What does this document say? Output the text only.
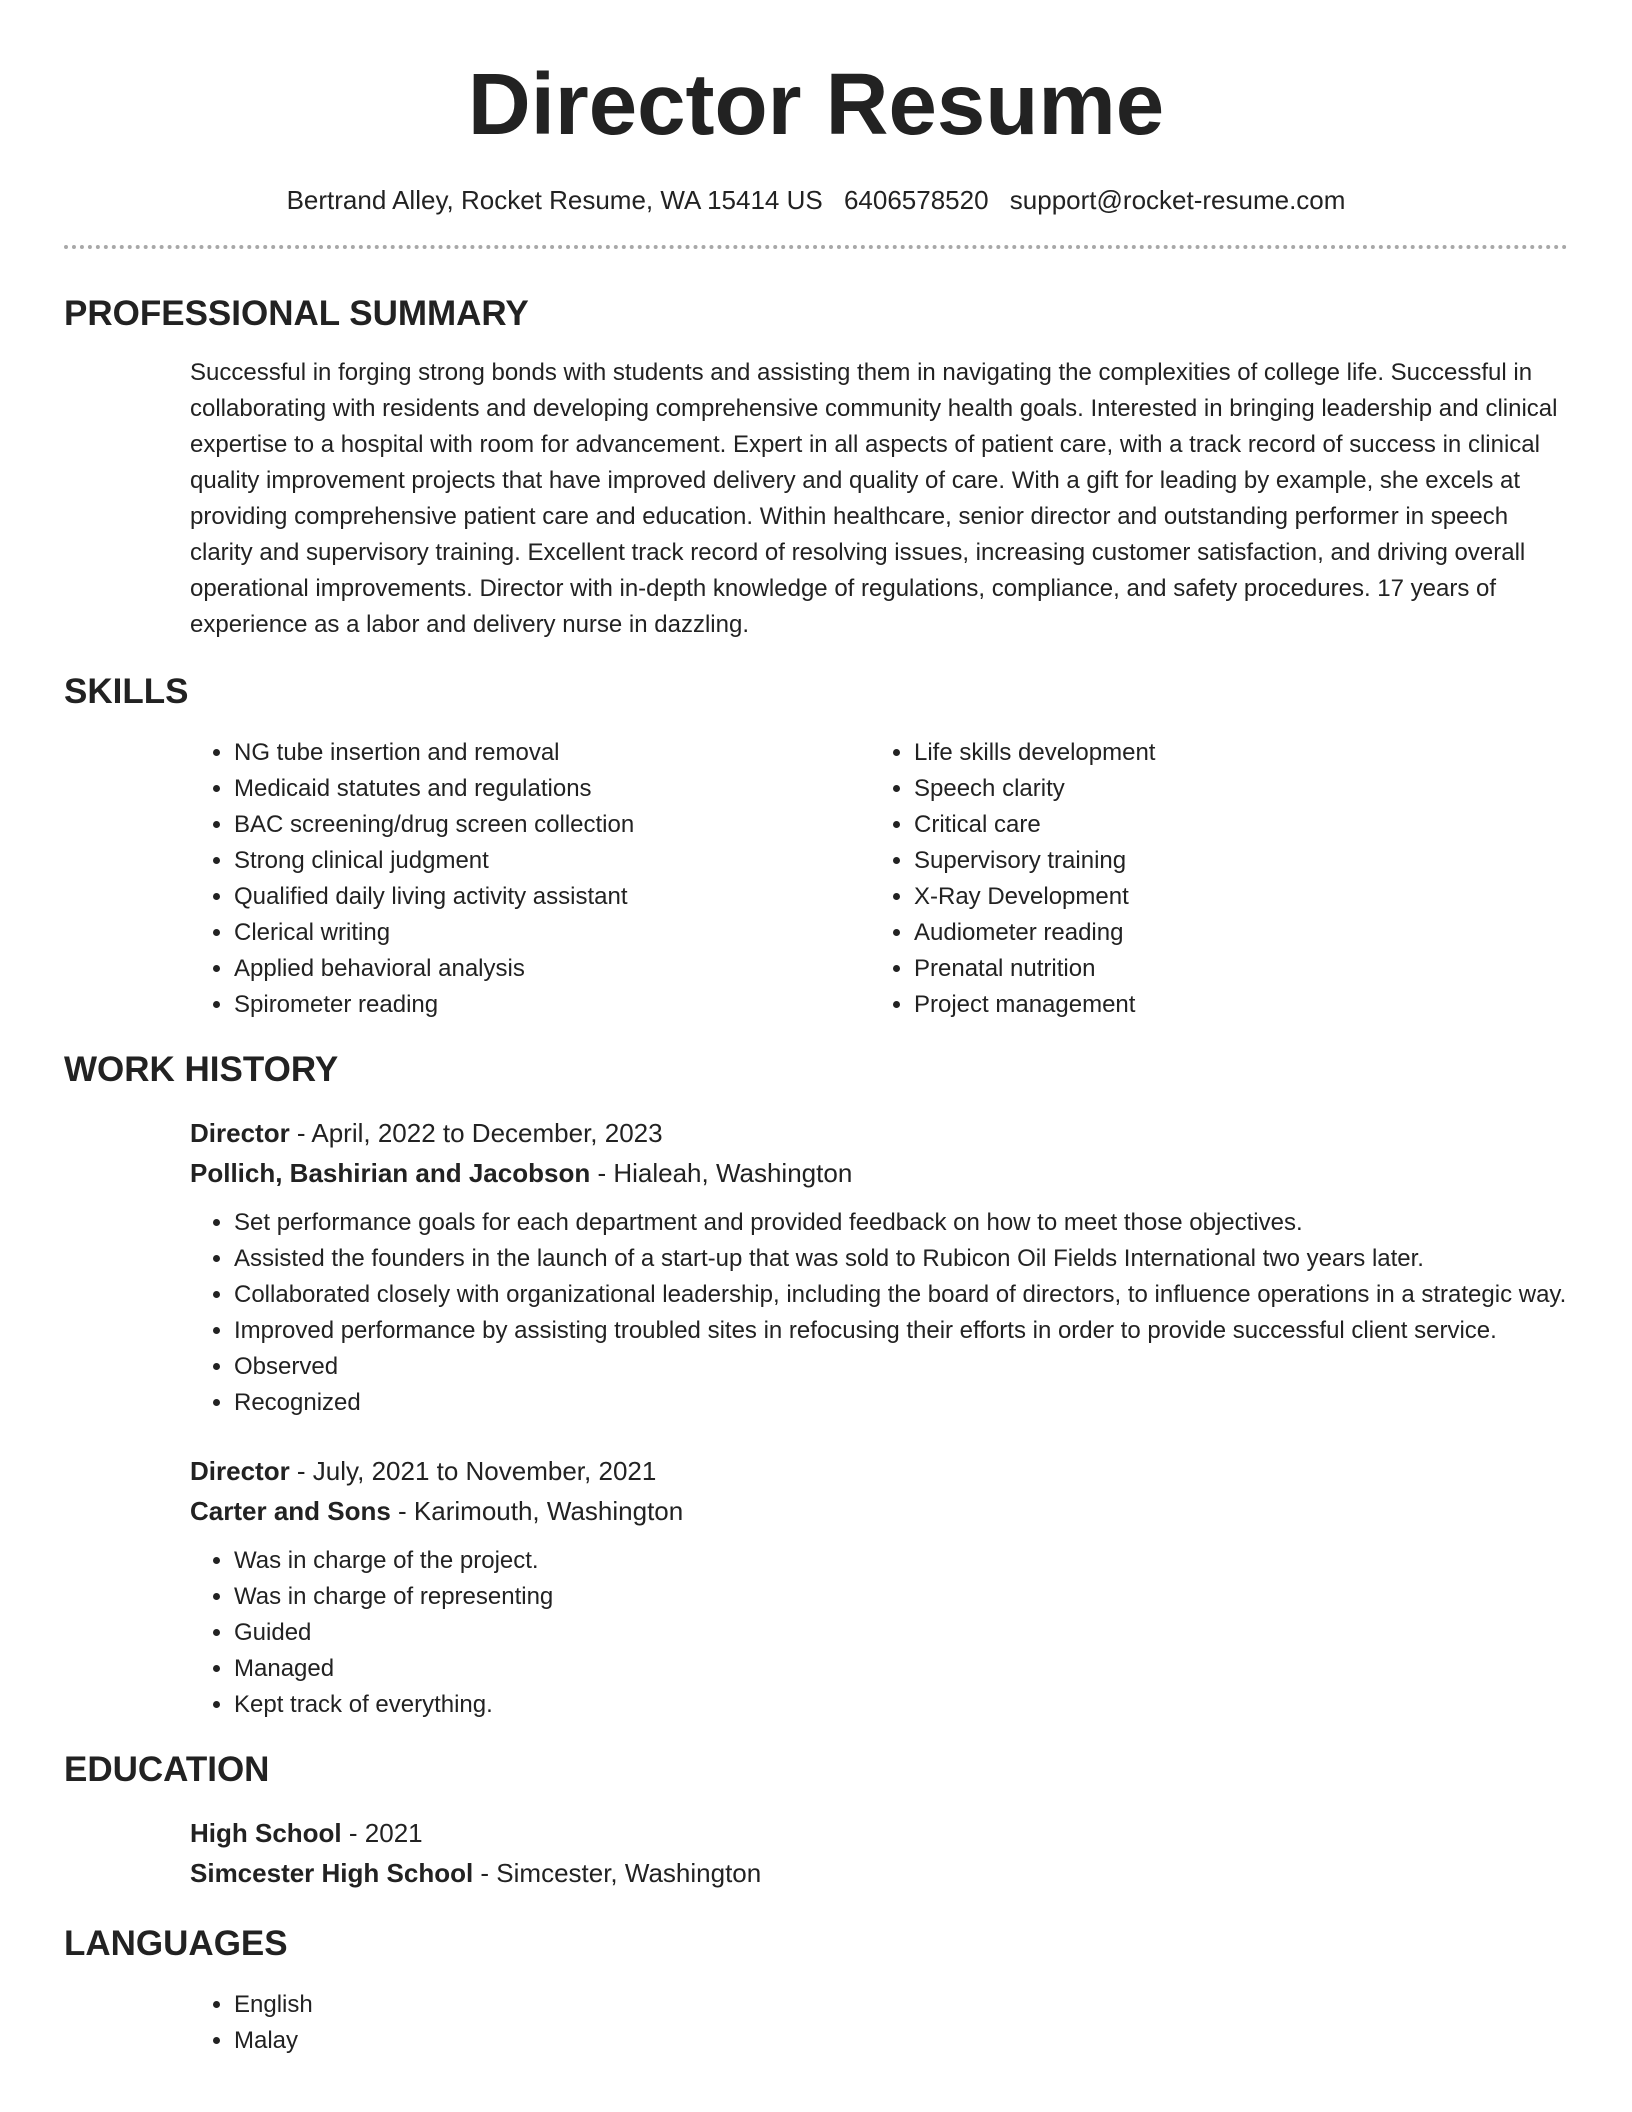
Director Resume
Bertrand Alley, Rocket Resume, WA 15414 US 6406578520 support@rocket-resume.com
PROFESSIONAL SUMMARY
Successful in forging strong bonds with students and assisting them in navigating the complexities of college life. Successful in collaborating with residents and developing comprehensive community health goals. Interested in bringing leadership and clinical expertise to a hospital with room for advancement. Expert in all aspects of patient care, with a track record of success in clinical quality improvement projects that have improved delivery and quality of care. With a gift for leading by example, she excels at providing comprehensive patient care and education. Within healthcare, senior director and outstanding performer in speech clarity and supervisory training. Excellent track record of resolving issues, increasing customer satisfaction, and driving overall operational improvements. Director with in-depth knowledge of regulations, compliance, and safety procedures. 17 years of experience as a labor and delivery nurse in dazzling.
SKILLS
• NG tube insertion and removal
• Medicaid statutes and regulations
• BAC screening/drug screen collection
• Strong clinical judgment
• Qualified daily living activity assistant
• Clerical writing
• Applied behavioral analysis
• Spirometer reading
• Life skills development
• Speech clarity
• Critical care
• Supervisory training
• X-Ray Development
• Audiometer reading
• Prenatal nutrition
• Project management
WORK HISTORY
Director - April, 2022 to December, 2023
Pollich, Bashirian and Jacobson - Hialeah, Washington
• Set performance goals for each department and provided feedback on how to meet those objectives.
• Assisted the founders in the launch of a start-up that was sold to Rubicon Oil Fields International two years later.
• Collaborated closely with organizational leadership, including the board of directors, to influence operations in a strategic way.
• Improved performance by assisting troubled sites in refocusing their efforts in order to provide successful client service.
• Observed
• Recognized
Director - July, 2021 to November, 2021
Carter and Sons - Karimouth, Washington
• Was in charge of the project.
• Was in charge of representing
• Guided
• Managed
• Kept track of everything.
EDUCATION
High School - 2021
Simcester High School - Simcester, Washington
LANGUAGES
• English
• Malay
